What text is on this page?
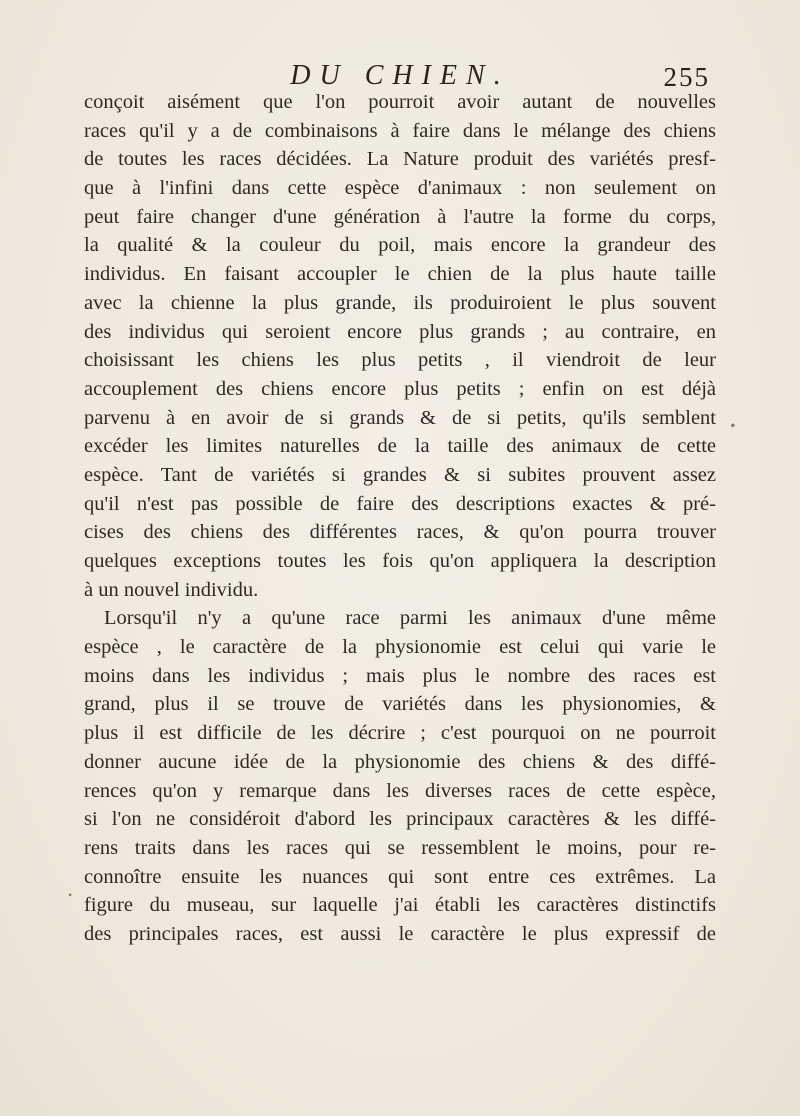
DU CHIEN.	255
conçoit aisément que l'on pourroit avoir autant de nouvelles
races qu'il y a de combinaisons à faire dans le mélange des chiens
de toutes les races décidées. La Nature produit des variétés presf-
que à l'infini dans cette espèce d'animaux : non seulement on
peut faire changer d'une génération à l'autre la forme du corps,
la qualité & la couleur du poil, mais encore la grandeur des
individus. En faisant accoupler le chien de la plus haute taille
avec la chienne la plus grande, ils produiroient le plus souvent
des individus qui seroient encore plus grands ; au contraire, en
choisissant les chiens les plus petits , il viendroit de leur
accouplement des chiens encore plus petits ; enfin on est déjà
parvenu à en avoir de si grands & de si petits, qu'ils semblent
excéder les limites naturelles de la taille des animaux de cette
espèce. Tant de variétés si grandes & si subites prouvent assez
qu'il n'est pas possible de faire des descriptions exactes & pré-
cises des chiens des différentes races, & qu'on pourra trouver
quelques exceptions toutes les fois qu'on appliquera la description
à un nouvel individu.
Lorsqu'il n'y a qu'une race parmi les animaux d'une même
espèce , le caractère de la physionomie est celui qui varie le
moins dans les individus ; mais plus le nombre des races est
grand, plus il se trouve de variétés dans les physionomies, &
plus il est difficile de les décrire ; c'est pourquoi on ne pourroit
donner aucune idée de la physionomie des chiens & des diffé-
rences qu'on y remarque dans les diverses races de cette espèce,
si l'on ne considéroit d'abord les principaux caractères & les diffé-
rens traits dans les races qui se ressemblent le moins, pour re-
connoître ensuite les nuances qui sont entre ces extrêmes. La
figure du museau, sur laquelle j'ai établi les caractères distinctifs
des principales races, est aussi le caractère le plus expressif de
•
•
